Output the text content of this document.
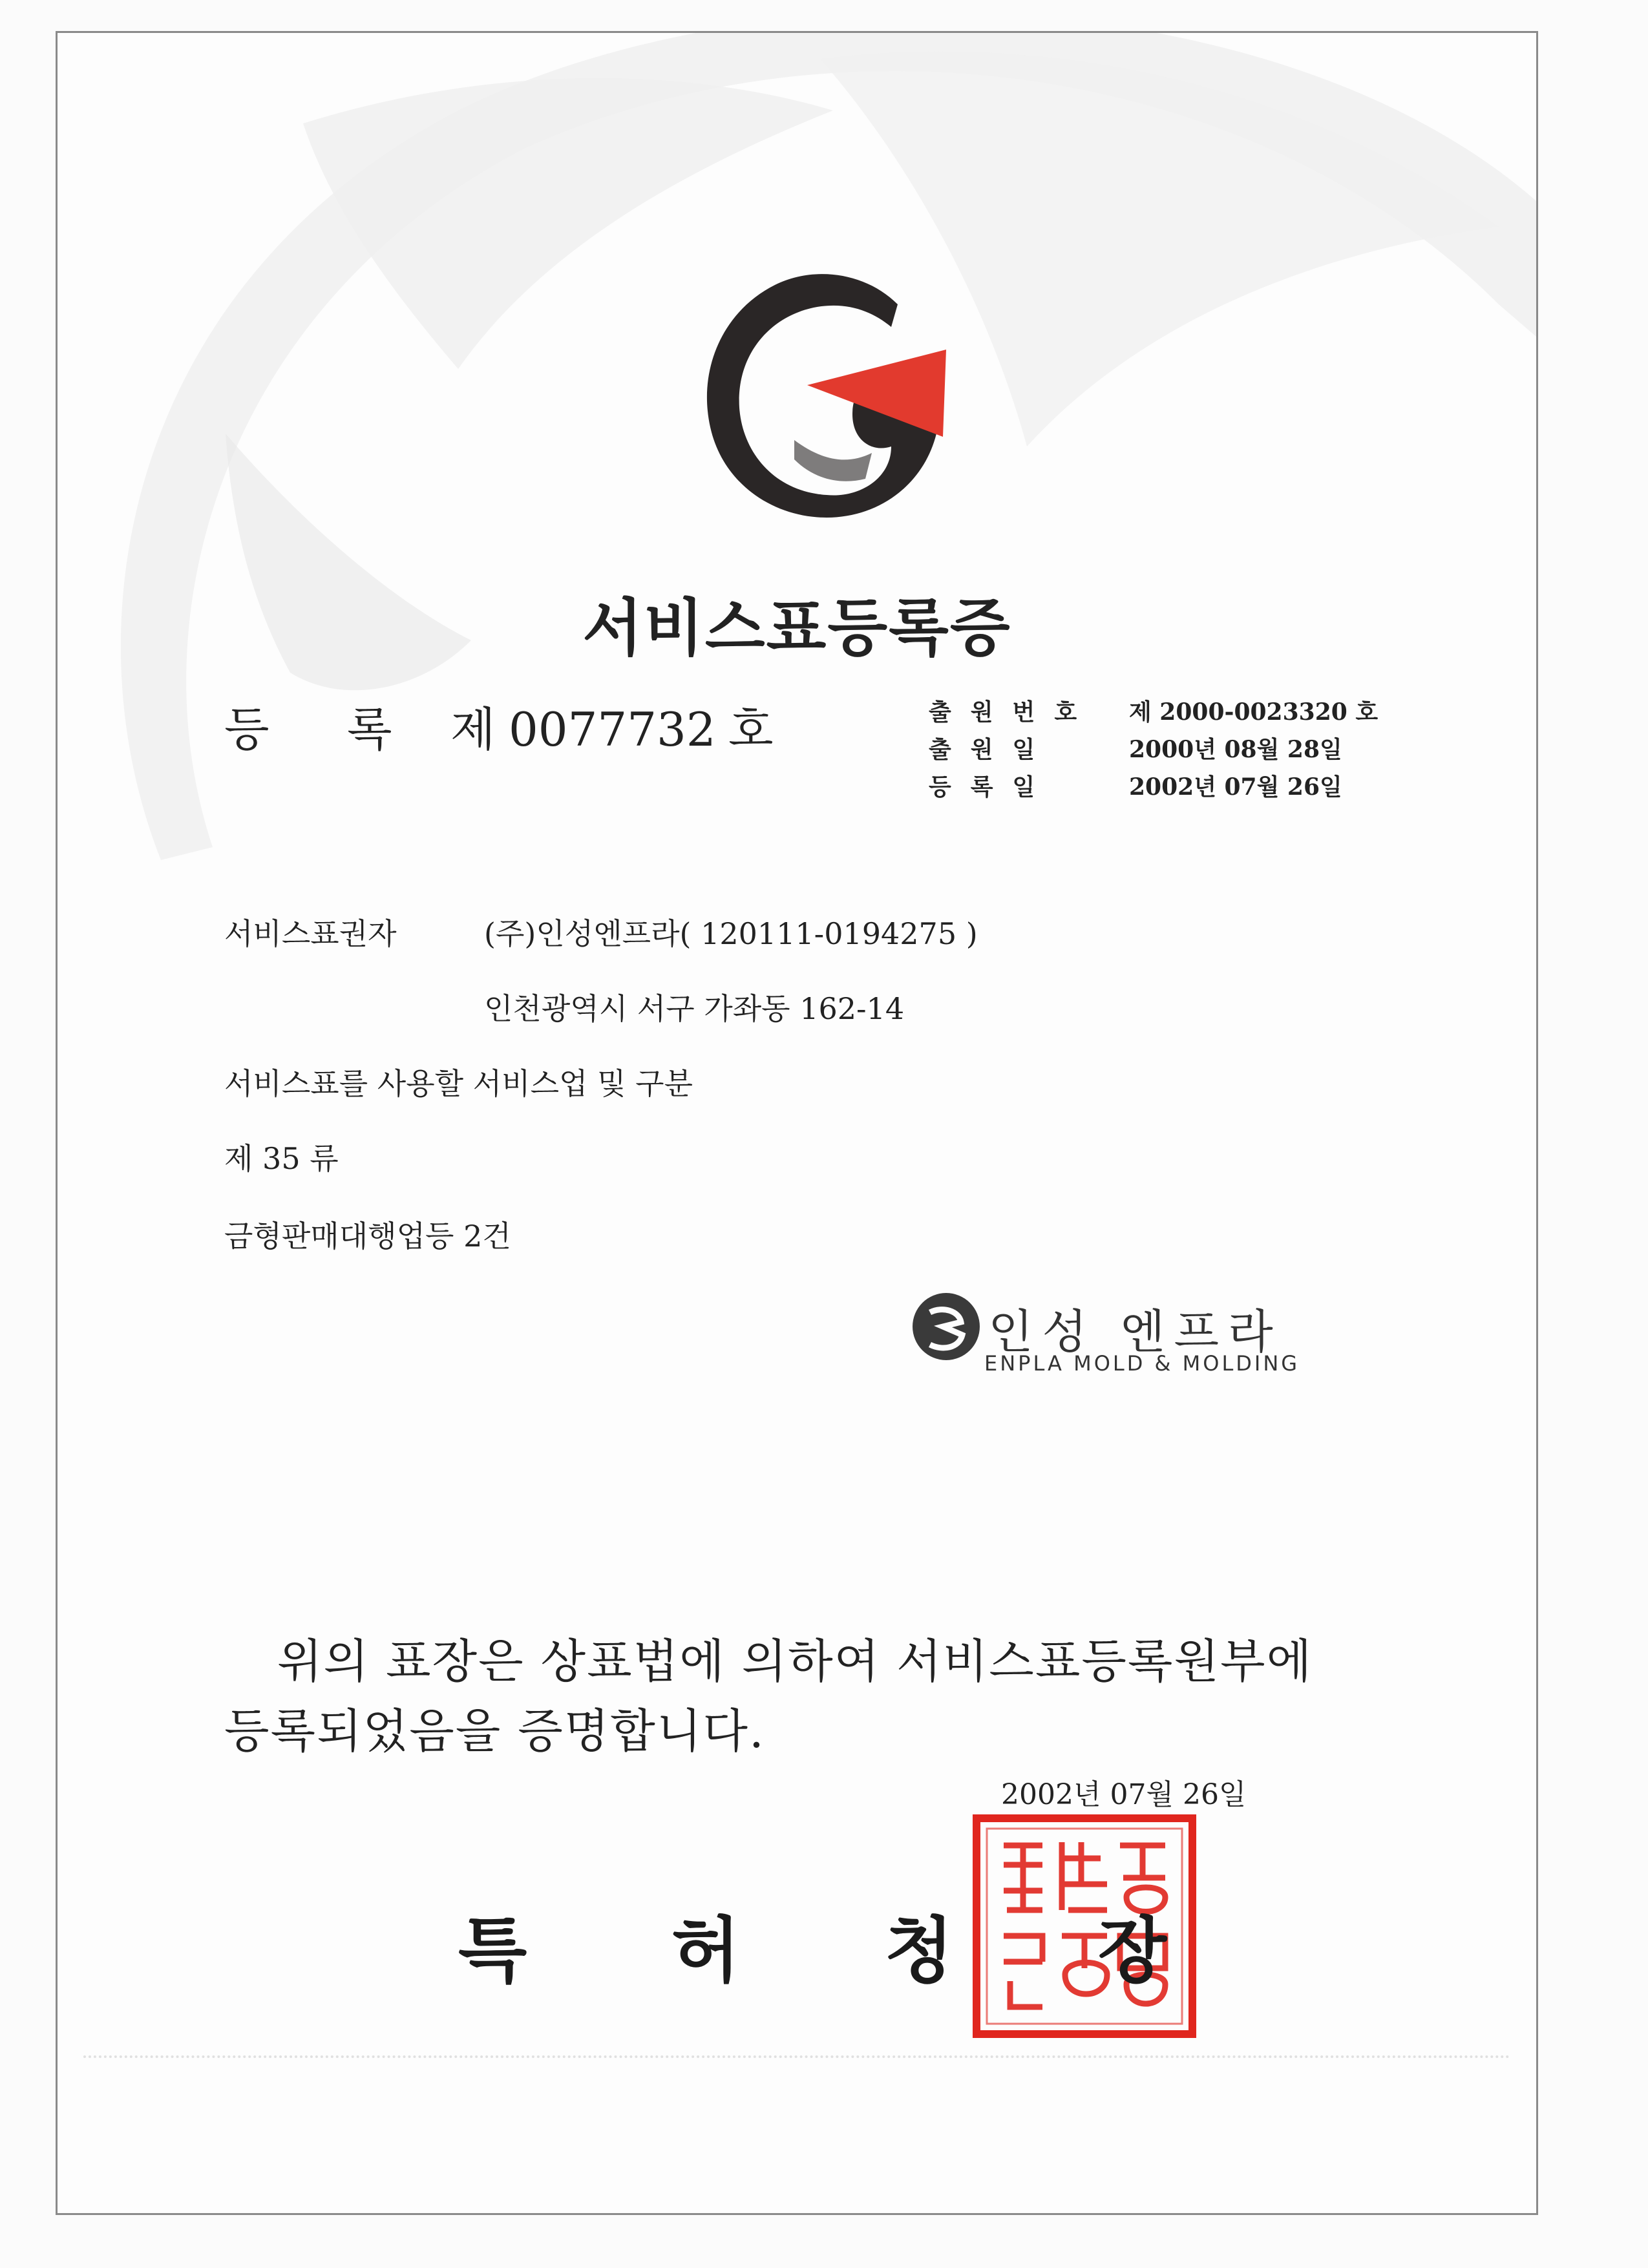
서비스표등록증
등 록 제 0077732 호	출원번호	제 2000-0023320 호
출원일	2000년 08월 28일
등록일	2002년 07월 26일
서비스표권자	(주)인성엔프라( 120111-0194275 )
인천광역시 서구 가좌동 162-14
서비스표를 사용할 서비스업 및 구분
제 35 류
금형판매대행업등 2건
인성 엔프라
ENPLA MOLD & MOLDING
위의 표장은 상표법에 의하여 서비스표등록원부에
등록되었음을 증명합니다.
2002년 07월 26일
특 허 청 장
